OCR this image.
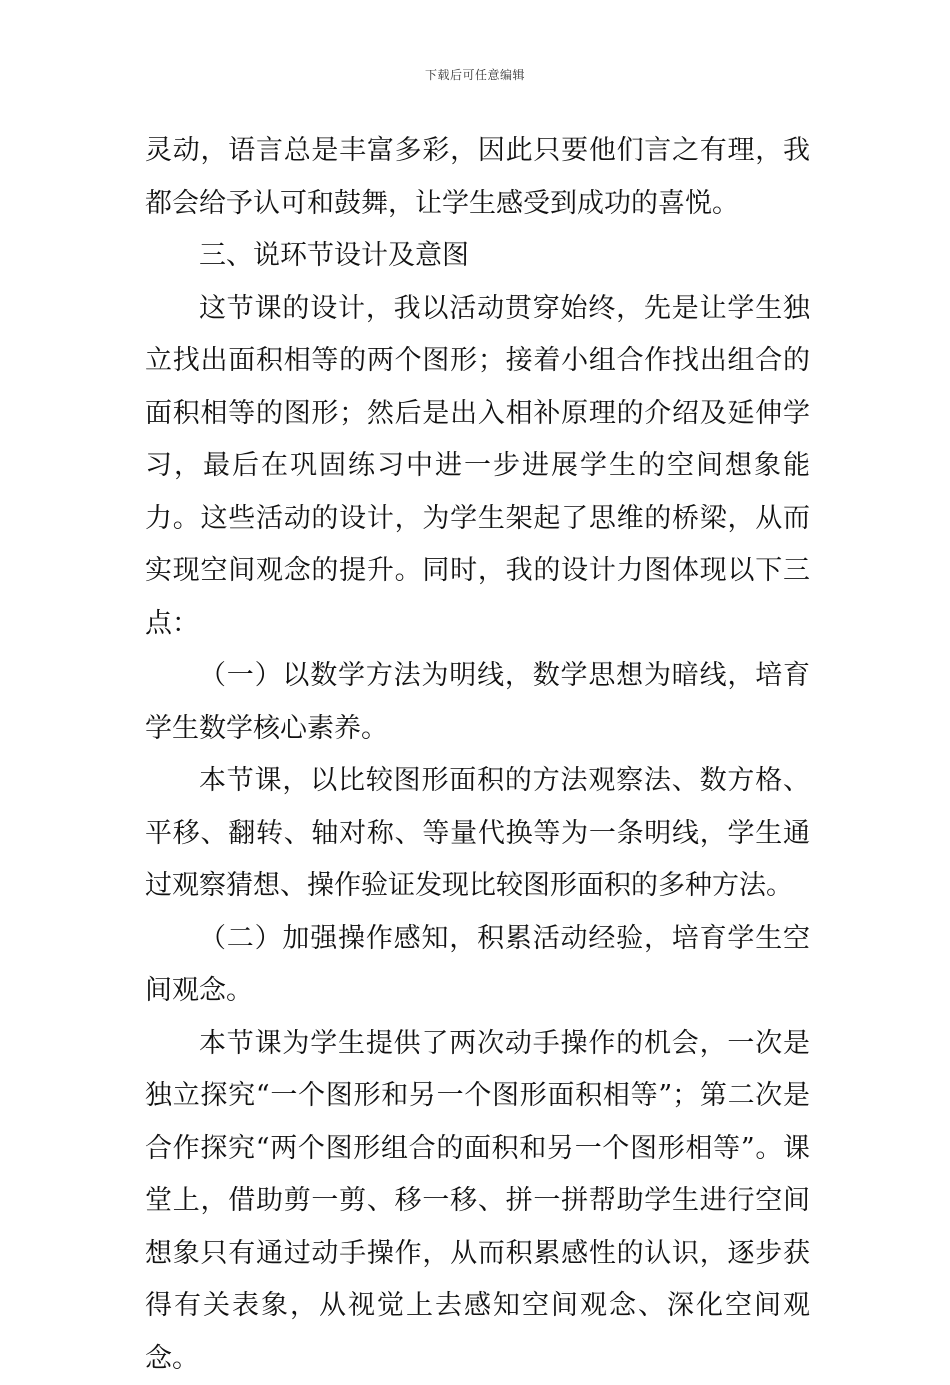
下载后可任意编辑

灵动，语言总是丰富多彩，因此只要他们言之有理，我都会给予认可和鼓舞，让学生感受到成功的喜悦。

三、说环节设计及意图

这节课的设计，我以活动贯穿始终，先是让学生独立找出面积相等的两个图形；接着小组合作找出组合的面积相等的图形；然后是出入相补原理的介绍及延伸学习，最后在巩固练习中进一步进展学生的空间想象能力。这些活动的设计，为学生架起了思维的桥梁，从而实现空间观念的提升。同时，我的设计力图体现以下三点：

（一）以数学方法为明线，数学思想为暗线，培育学生数学核心素养。

本节课，以比较图形面积的方法观察法、数方格、平移、翻转、轴对称、等量代换等为一条明线，学生通过观察猜想、操作验证发现比较图形面积的多种方法。

（二）加强操作感知，积累活动经验，培育学生空间观念。

本节课为学生提供了两次动手操作的机会，一次是独立探究“一个图形和另一个图形面积相等”；第二次是合作探究“两个图形组合的面积和另一个图形相等”。课堂上，借助剪一剪、移一移、拼一拼帮助学生进行空间想象只有通过动手操作，从而积累感性的认识，逐步获得有关表象，从视觉上去感知空间观念、深化空间观念。
